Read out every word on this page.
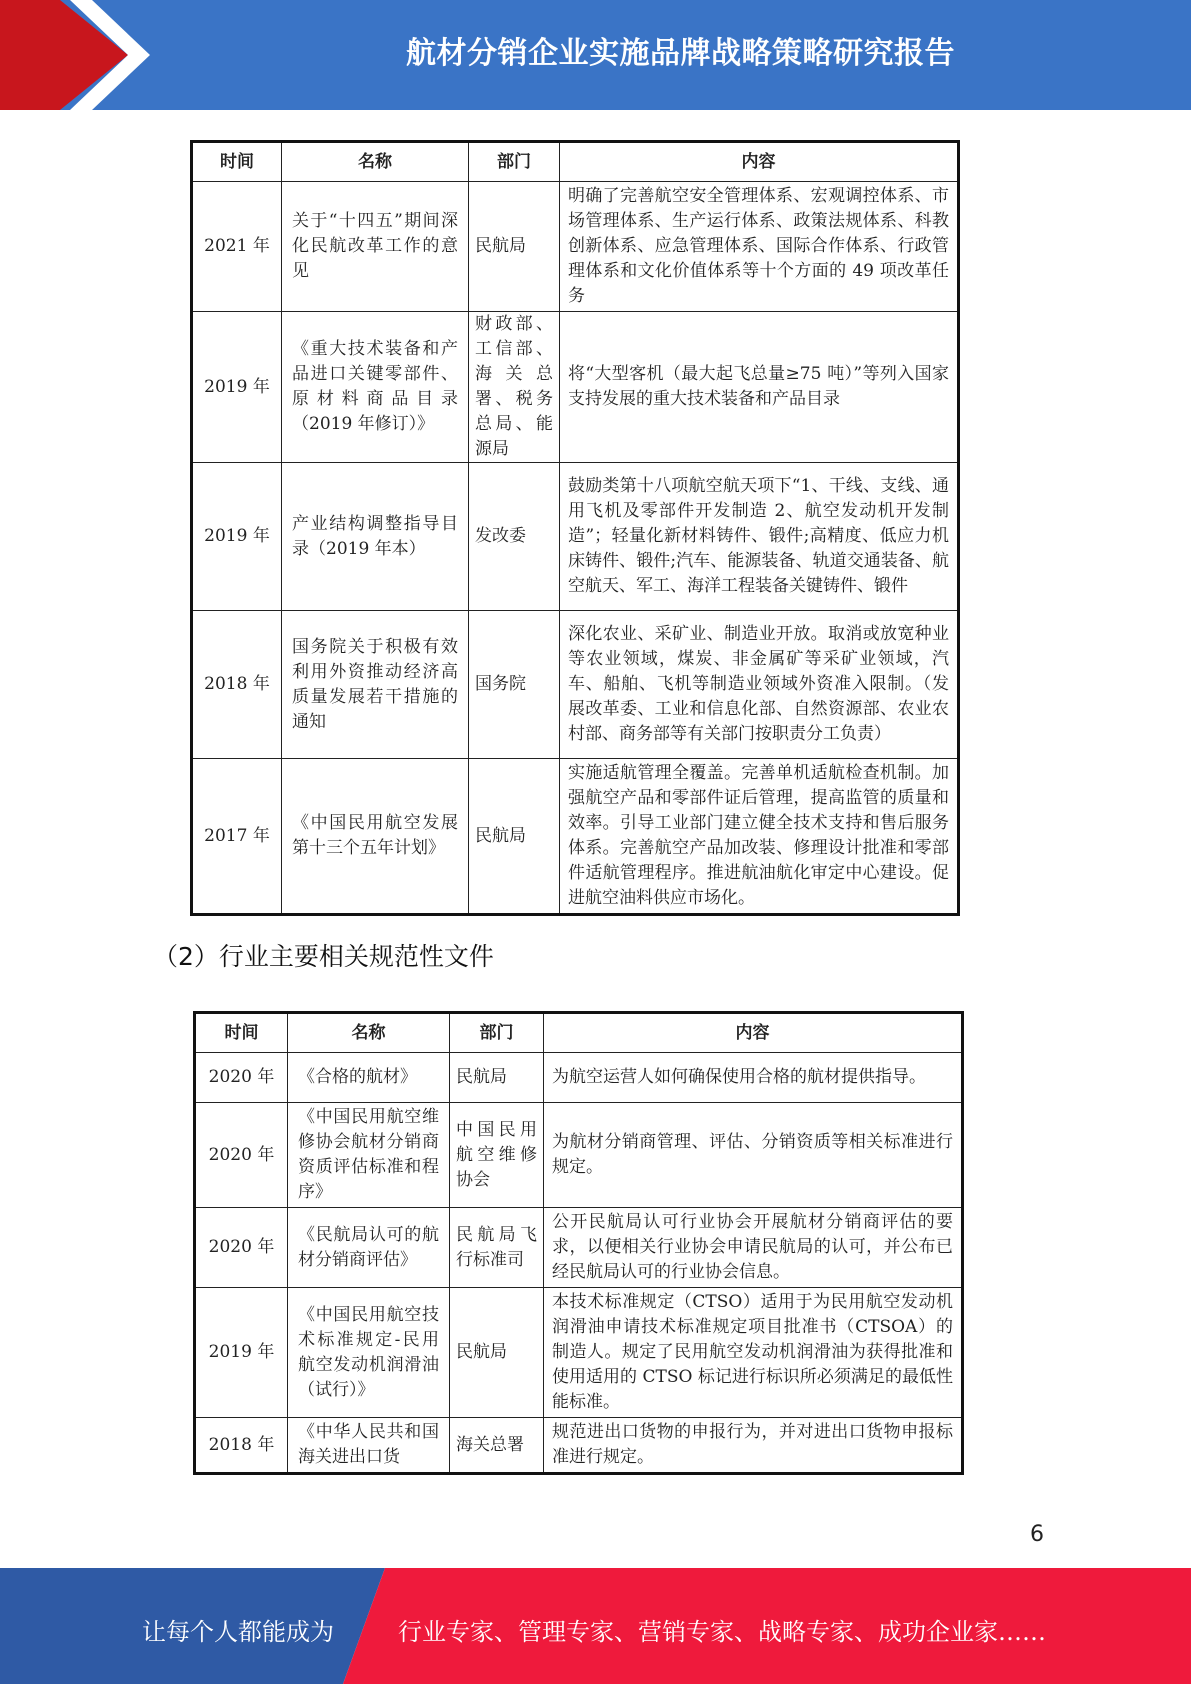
航材分销企业实施品牌战略策略研究报告
时间	名称	部门	内容
2021 年	关于“十四五”期间深化民航改革工作的意见	民航局	明确了完善航空安全管理体系、宏观调控体系、市场管理体系、生产运行体系、政策法规体系、科教创新体系、应急管理体系、国际合作体系、行政管理体系和文化价值体系等十个方面的 49 项改革任务
2019 年	《重大技术装备和产品进口关键零部件、原材料商品目录（2019 年修订）》	财政部、工信部、海关总署、税务总局、能源局	将“大型客机（最大起飞总量≥75 吨）”等列入国家支持发展的重大技术装备和产品目录
2019 年	产业结构调整指导目录（2019 年本）	发改委	鼓励类第十八项航空航天项下“1、干线、支线、通用飞机及零部件开发制造 2、航空发动机开发制造”；轻量化新材料铸件、锻件;高精度、低应力机床铸件、锻件;汽车、能源装备、轨道交通装备、航空航天、军工、海洋工程装备关键铸件、锻件
2018 年	国务院关于积极有效利用外资推动经济高质量发展若干措施的通知	国务院	深化农业、采矿业、制造业开放。取消或放宽种业等农业领域，煤炭、非金属矿等采矿业领域，汽车、船舶、飞机等制造业领域外资准入限制。（发展改革委、工业和信息化部、自然资源部、农业农村部、商务部等有关部门按职责分工负责）
2017 年	《中国民用航空发展第十三个五年计划》	民航局	实施适航管理全覆盖。完善单机适航检查机制。加强航空产品和零部件证后管理，提高监管的质量和效率。引导工业部门建立健全技术支持和售后服务体系。完善航空产品加改装、修理设计批准和零部件适航管理程序。推进航油航化审定中心建设。促进航空油料供应市场化。
（2）行业主要相关规范性文件
时间	名称	部门	内容
2020 年	《合格的航材》	民航局	为航空运营人如何确保使用合格的航材提供指导。
2020 年	《中国民用航空维修协会航材分销商资质评估标准和程序》	中国民用航空维修协会	为航材分销商管理、评估、分销资质等相关标准进行规定。
2020 年	《民航局认可的航材分销商评估》	民航局飞行标准司	公开民航局认可行业协会开展航材分销商评估的要求，以便相关行业协会申请民航局的认可，并公布已经民航局认可的行业协会信息。
2019 年	《中国民用航空技术标准规定-民用航空发动机润滑油（试行）》	民航局	本技术标准规定（CTSO）适用于为民用航空发动机润滑油申请技术标准规定项目批准书（CTSOA）的制造人。规定了民用航空发动机润滑油为获得批准和使用适用的 CTSO 标记进行标识所必须满足的最低性能标准。
2018 年	《中华人民共和国海关进出口货	海关总署	规范进出口货物的申报行为，并对进出口货物申报标准进行规定。
6
让每个人都能成为	行业专家、管理专家、营销专家、战略专家、成功企业家……
